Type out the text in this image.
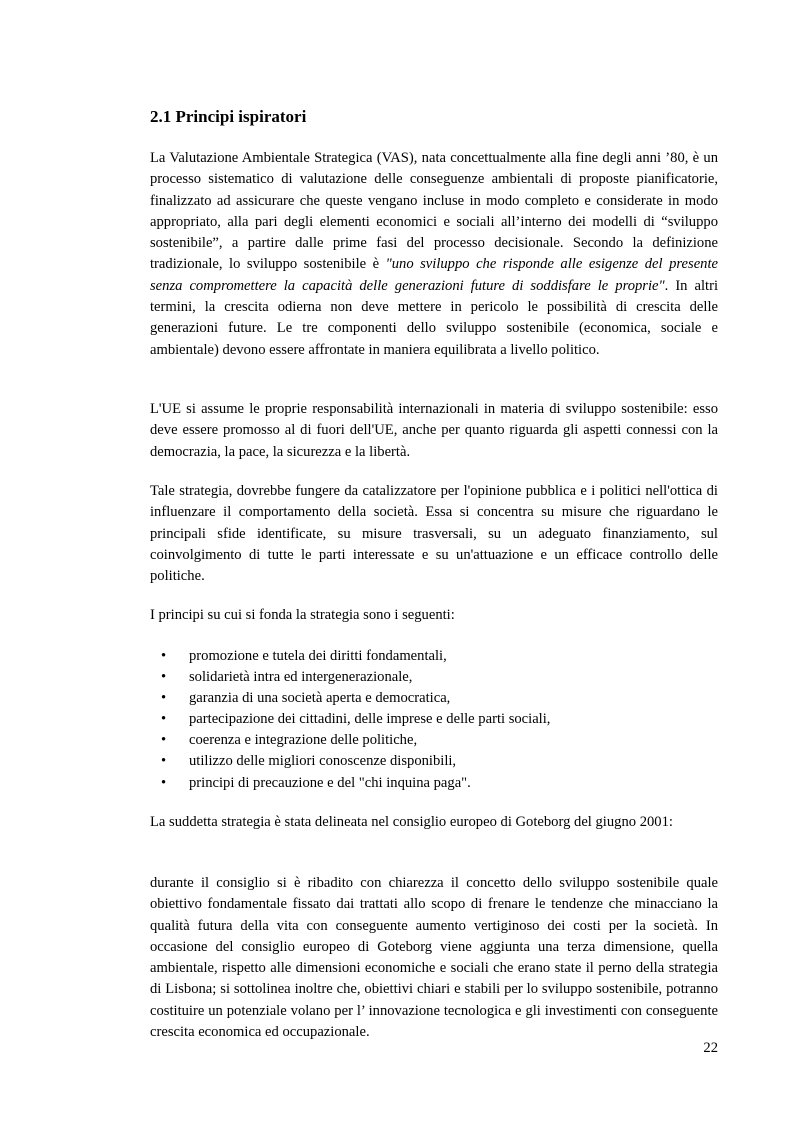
2.1 Principi ispiratori

La Valutazione Ambientale Strategica (VAS), nata concettualmente alla fine degli anni ’80, è un processo sistematico di valutazione delle conseguenze ambientali di proposte pianificatorie, finalizzato ad assicurare che queste vengano incluse in modo completo e considerate in modo appropriato, alla pari degli elementi economici e sociali all’interno dei modelli di “sviluppo sostenibile”, a partire dalle prime fasi del processo decisionale. Secondo la definizione tradizionale, lo sviluppo sostenibile è "uno sviluppo che risponde alle esigenze del presente senza compromettere la capacità delle generazioni future di soddisfare le proprie". In altri termini, la crescita odierna non deve mettere in pericolo le possibilità di crescita delle generazioni future. Le tre componenti dello sviluppo sostenibile (economica, sociale e ambientale) devono essere affrontate in maniera equilibrata a livello politico.

L'UE si assume le proprie responsabilità internazionali in materia di sviluppo sostenibile: esso deve essere promosso al di fuori dell'UE, anche per quanto riguarda gli aspetti connessi con la democrazia, la pace, la sicurezza e la libertà.

Tale strategia, dovrebbe fungere da catalizzatore per l'opinione pubblica e i politici nell'ottica di influenzare il comportamento della società. Essa si concentra su misure che riguardano le principali sfide identificate, su misure trasversali, su un adeguato finanziamento, sul coinvolgimento di tutte le parti interessate e su un'attuazione e un efficace controllo delle politiche.

I principi su cui si fonda la strategia sono i seguenti:

• promozione e tutela dei diritti fondamentali,
• solidarietà intra ed intergenerazionale,
• garanzia di una società aperta e democratica,
• partecipazione dei cittadini, delle imprese e delle parti sociali,
• coerenza e integrazione delle politiche,
• utilizzo delle migliori conoscenze disponibili,
• principi di precauzione e del "chi inquina paga".

La suddetta strategia è stata delineata nel consiglio europeo di Goteborg del giugno 2001:

durante il consiglio si è ribadito con chiarezza il concetto dello sviluppo sostenibile quale obiettivo fondamentale fissato dai trattati allo scopo di frenare le tendenze che minacciano la qualità futura della vita con conseguente aumento vertiginoso dei costi per la società. In occasione del consiglio europeo di Goteborg viene aggiunta una terza dimensione, quella ambientale, rispetto alle dimensioni economiche e sociali che erano state il perno della strategia di Lisbona; si sottolinea inoltre che, obiettivi chiari e stabili per lo sviluppo sostenibile, potranno costituire un potenziale volano per l’ innovazione tecnologica e gli investimenti con conseguente crescita economica ed occupazionale.

22
